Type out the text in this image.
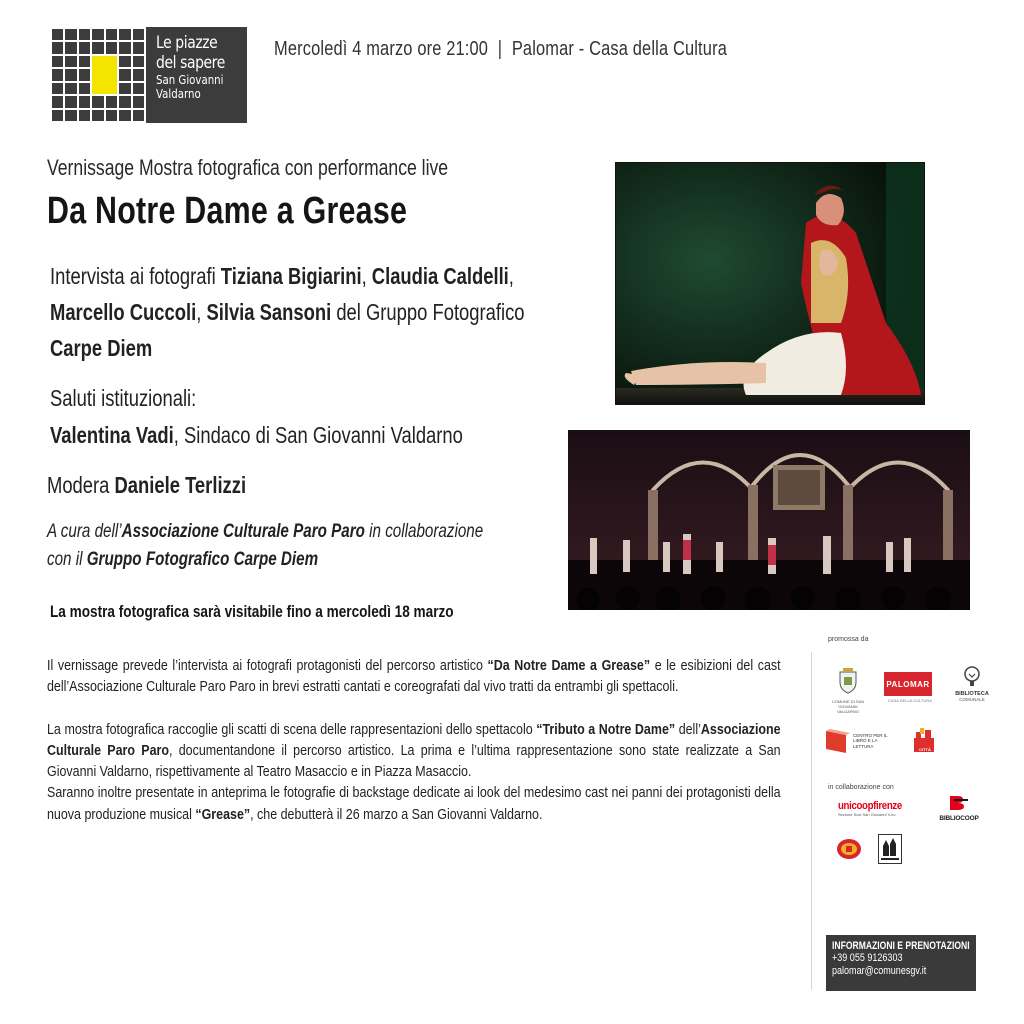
Le piazze
del sapere
San Giovanni
Valdarno
Mercoledì 4 marzo ore 21:00 | Palomar - Casa della Cultura
Vernissage Mostra fotografica con performance live
Da Notre Dame a Grease
Intervista ai fotografi Tiziana Bigiarini, Claudia Caldelli,
Marcello Cuccoli, Silvia Sansoni del Gruppo Fotografico
Carpe Diem
Saluti istituzionali:
Valentina Vadi, Sindaco di San Giovanni Valdarno
Modera Daniele Terlizzi
A cura dell’Associazione Culturale Paro Paro in collaborazione
con il Gruppo Fotografico Carpe Diem
La mostra fotografica sarà visitabile fino a mercoledì 18 marzo

Il vernissage prevede l’intervista ai fotografi protagonisti del percorso artistico “Da Notre Dame a Grease” e le esibizioni del cast dell’Associazione Culturale Paro Paro in brevi estratti cantati e coreografati dal vivo tratti da entrambi gli spettacoli.

La mostra fotografica raccoglie gli scatti di scena delle rappresentazioni dello spettacolo “Tributo a Notre Dame” dell’Associazione Culturale Paro Paro, documentandone il percorso artistico. La prima e l’ultima rappresentazione sono state realizzate a San Giovanni Valdarno, rispettivamente al Teatro Masaccio e in Piazza Masaccio.

Saranno inoltre presentate in anteprima le fotografie di backstage dedicate ai look del medesimo cast nei panni dei protagonisti della nuova produzione musical “Grease”, che debutterà il 26 marzo a San Giovanni Valdarno.

promossa da
COMUNE DI SAN GIOVANNI VALDARNO
PALOMAR
CASA DELLA CULTURA
BIBLIOTECA
COMUNALE
CENTRO PER IL LIBRO E LA LETTURA
CITTÀ
in collaborazione con
unicoopfirenze
Sezione Soci San Giovanni V.no
BIBLIOCOOP
INFORMAZIONI E PRENOTAZIONI
+39 055 9126303
palomar@comunesgv.it
